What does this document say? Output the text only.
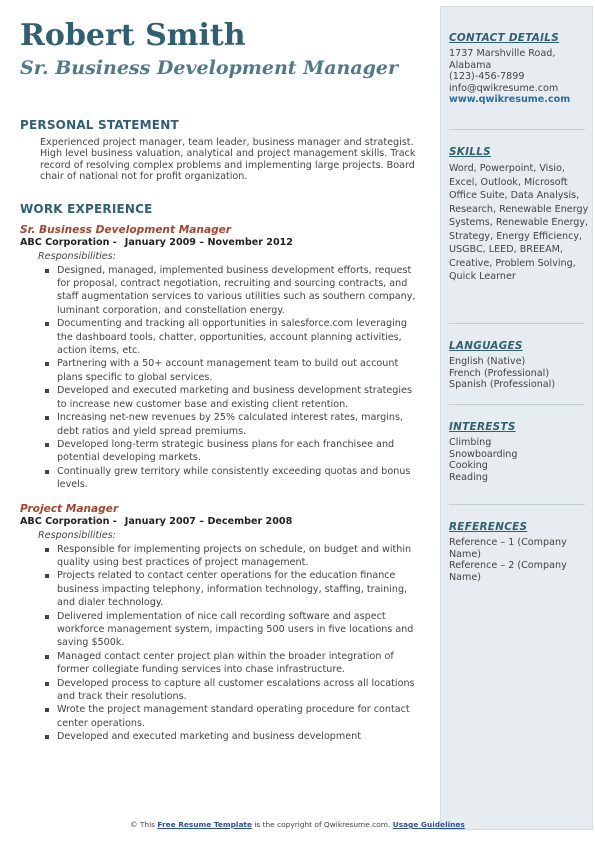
Robert Smith
Sr. Business Development Manager
PERSONAL STATEMENT
Experienced project manager, team leader, business manager and strategist. High level business valuation, analytical and project management skills. Track record of resolving complex problems and implementing large projects. Board chair of national not for profit organization.
WORK EXPERIENCE
Sr. Business Development Manager
ABC Corporation - January 2009 – November 2012
Responsibilities:
Designed, managed, implemented business development efforts, request for proposal, contract negotiation, recruiting and sourcing contracts, and staff augmentation services to various utilities such as southern company, luminant corporation, and constellation energy.
Documenting and tracking all opportunities in salesforce.com leveraging the dashboard tools, chatter, opportunities, account planning activities, action items, etc.
Partnering with a 50+ account management team to build out account plans specific to global services.
Developed and executed marketing and business development strategies to increase new customer base and existing client retention.
Increasing net-new revenues by 25% calculated interest rates, margins, debt ratios and yield spread premiums.
Developed long-term strategic business plans for each franchisee and potential developing markets.
Continually grew territory while consistently exceeding quotas and bonus levels.
Project Manager
ABC Corporation - January 2007 – December 2008
Responsibilities:
Responsible for implementing projects on schedule, on budget and within quality using best practices of project management.
Projects related to contact center operations for the education finance business impacting telephony, information technology, staffing, training, and dialer technology.
Delivered implementation of nice call recording software and aspect workforce management system, impacting 500 users in five locations and saving $500k.
Managed contact center project plan within the broader integration of former collegiate funding services into chase infrastructure.
Developed process to capture all customer escalations across all locations and track their resolutions.
Wrote the project management standard operating procedure for contact center operations.
Developed and executed marketing and business development
CONTACT DETAILS
1737 Marshville Road,
Alabama
(123)-456-7899
info@qwikresume.com
www.qwikresume.com
SKILLS
Word, Powerpoint, Visio, Excel, Outlook, Microsoft Office Suite, Data Analysis, Research, Renewable Energy Systems, Renewable Energy, Strategy, Energy Efficiency, USGBC, LEED, BREEAM, Creative, Problem Solving, Quick Learner
LANGUAGES
English (Native)
French (Professional)
Spanish (Professional)
INTERESTS
Climbing
Snowboarding
Cooking
Reading
REFERENCES
Reference – 1 (Company Name)
Reference – 2 (Company Name)
© This Free Resume Template is the copyright of Qwikresume.com. Usage Guidelines
